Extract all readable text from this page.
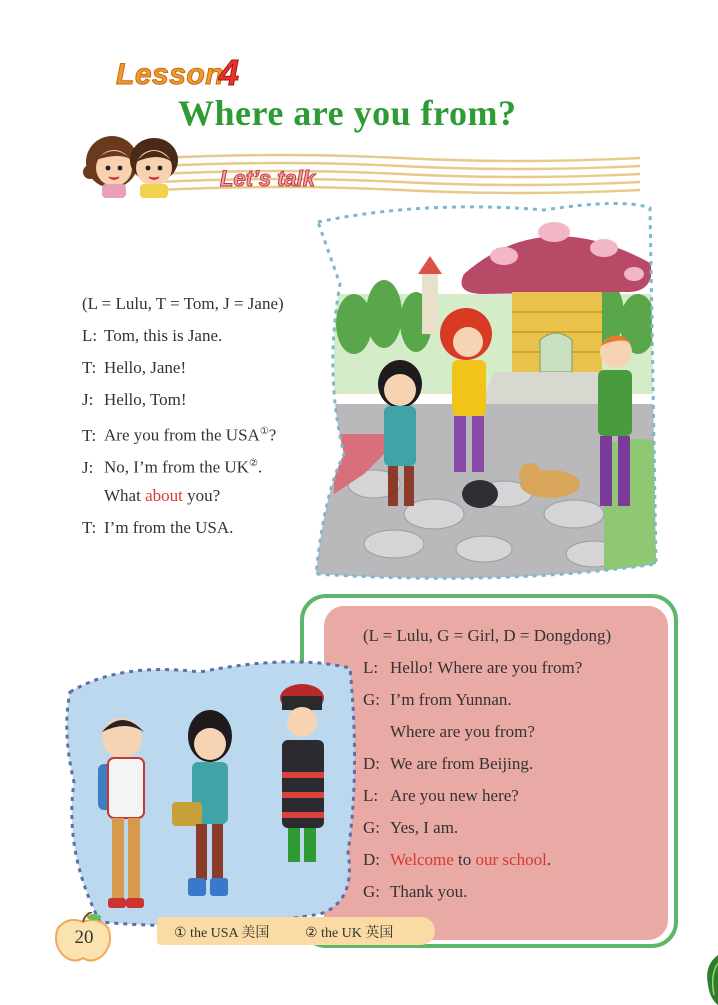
Lesson
4
Where are you from?
Let’s talk
(L = Lulu, T = Tom, J = Jane)
L: Tom, this is Jane.
T: Hello, Jane!
J: Hello, Tom!
T: Are you from the USA①?
J: No, I’m from the UK②.
What about you?
T: I’m from the USA.
(L = Lulu, G = Girl, D = Dongdong)
L: Hello! Where are you from?
G: I’m from Yunnan.
Where are you from?
D: We are from Beijing.
L: Are you new here?
G: Yes, I am.
D: Welcome to our school.
G: Thank you.
20	① the USA 美国	② the UK 英国
